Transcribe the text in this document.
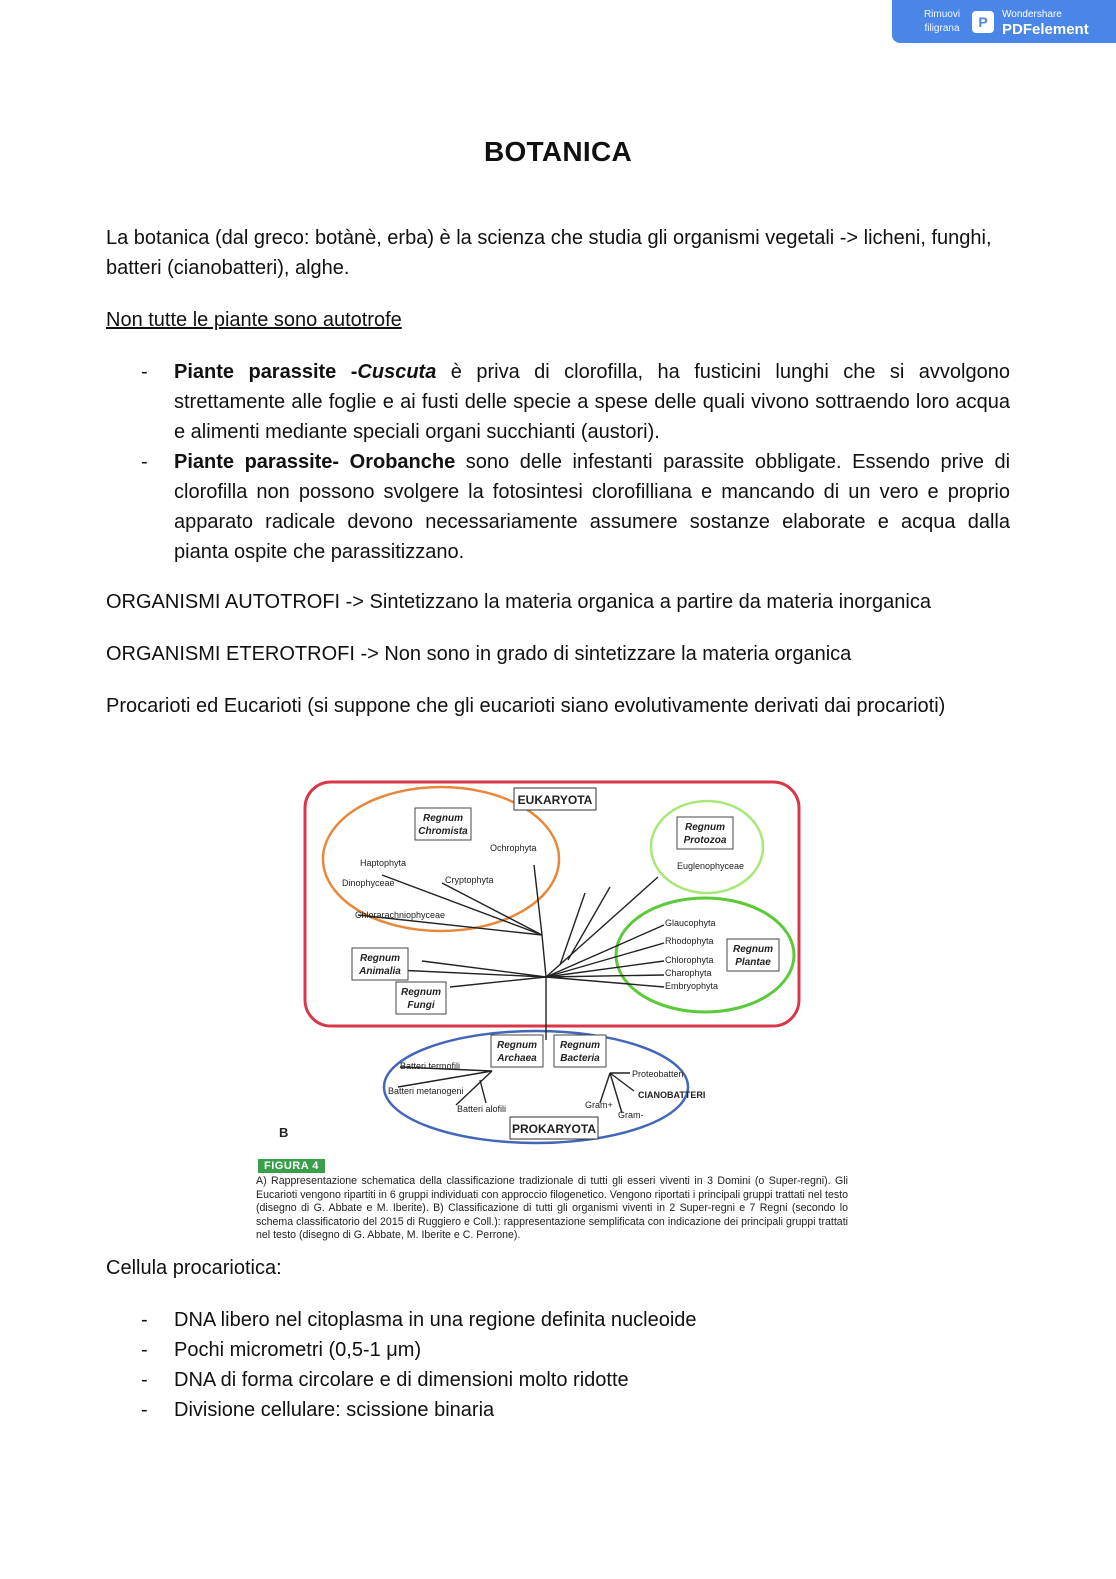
Rimuovi
filigrana	P	Wondershare
PDFelement
BOTANICA

La botanica (dal greco: botànè, erba) è la scienza che studia gli organismi vegetali -> licheni, funghi, batteri (cianobatteri), alghe.

Non tutte le piante sono autotrofe

- Piante parassite -Cuscuta è priva di clorofilla, ha fusticini lunghi che si avvolgono strettamente alle foglie e ai fusti delle specie a spese delle quali vivono sottraendo loro acqua e alimenti mediante speciali organi succhianti (austori).
- Piante parassite- Orobanche sono delle infestanti parassite obbligate. Essendo prive di clorofilla non possono svolgere la fotosintesi clorofilliana e mancando di un vero e proprio apparato radicale devono necessariamente assumere sostanze elaborate e acqua dalla pianta ospite che parassitizzano.

ORGANISMI AUTOTROFI -> Sintetizzano la materia organica a partire da materia inorganica

ORGANISMI ETEROTROFI -> Non sono in grado di sintetizzare la materia organica

Procarioti ed Eucarioti (si suppone che gli eucarioti siano evolutivamente derivati dai procarioti)

EUKARYOTA
PROKARYOTA
B
Regnum
Chromista	Regnum
Protozoa
Regnum
Animalia
Regnum
Fungi
Regnum
Plantae
Regnum
Archaea
Regnum
Bacteria
Haptophyta
Dinophyceae	Cryptophyta
Ochrophyta
Chlorarachniophyceae
Euglenophyceae
Glaucophyta
Rhodophyta
Chlorophyta
Charophyta
Embryophyta
Batteri termofili
Batteri metanogeni
Batteri alofili
Proteobatteri
CIANOBATTERI
Gram+
Gram-
FIGURA 4

A) Rappresentazione schematica della classificazione tradizionale di tutti gli esseri viventi in 3 Domini (o Super-regni). Gli Eucarioti vengono ripartiti in 6 gruppi individuati con approccio filogenetico. Vengono riportati i principali gruppi trattati nel testo (disegno di G. Abbate e M. Iberite). B) Classificazione di tutti gli organismi viventi in 2 Super-regni e 7 Regni (secondo lo schema classificatorio del 2015 di Ruggiero e Coll.): rappresentazione semplificata con indicazione dei principali gruppi trattati nel testo (disegno di G. Abbate, M. Iberite e C. Perrone).

Cellula procariotica:

- DNA libero nel citoplasma in una regione definita nucleoide
- Pochi micrometri (0,5-1 μm)
- DNA di forma circolare e di dimensioni molto ridotte
- Divisione cellulare: scissione binaria
